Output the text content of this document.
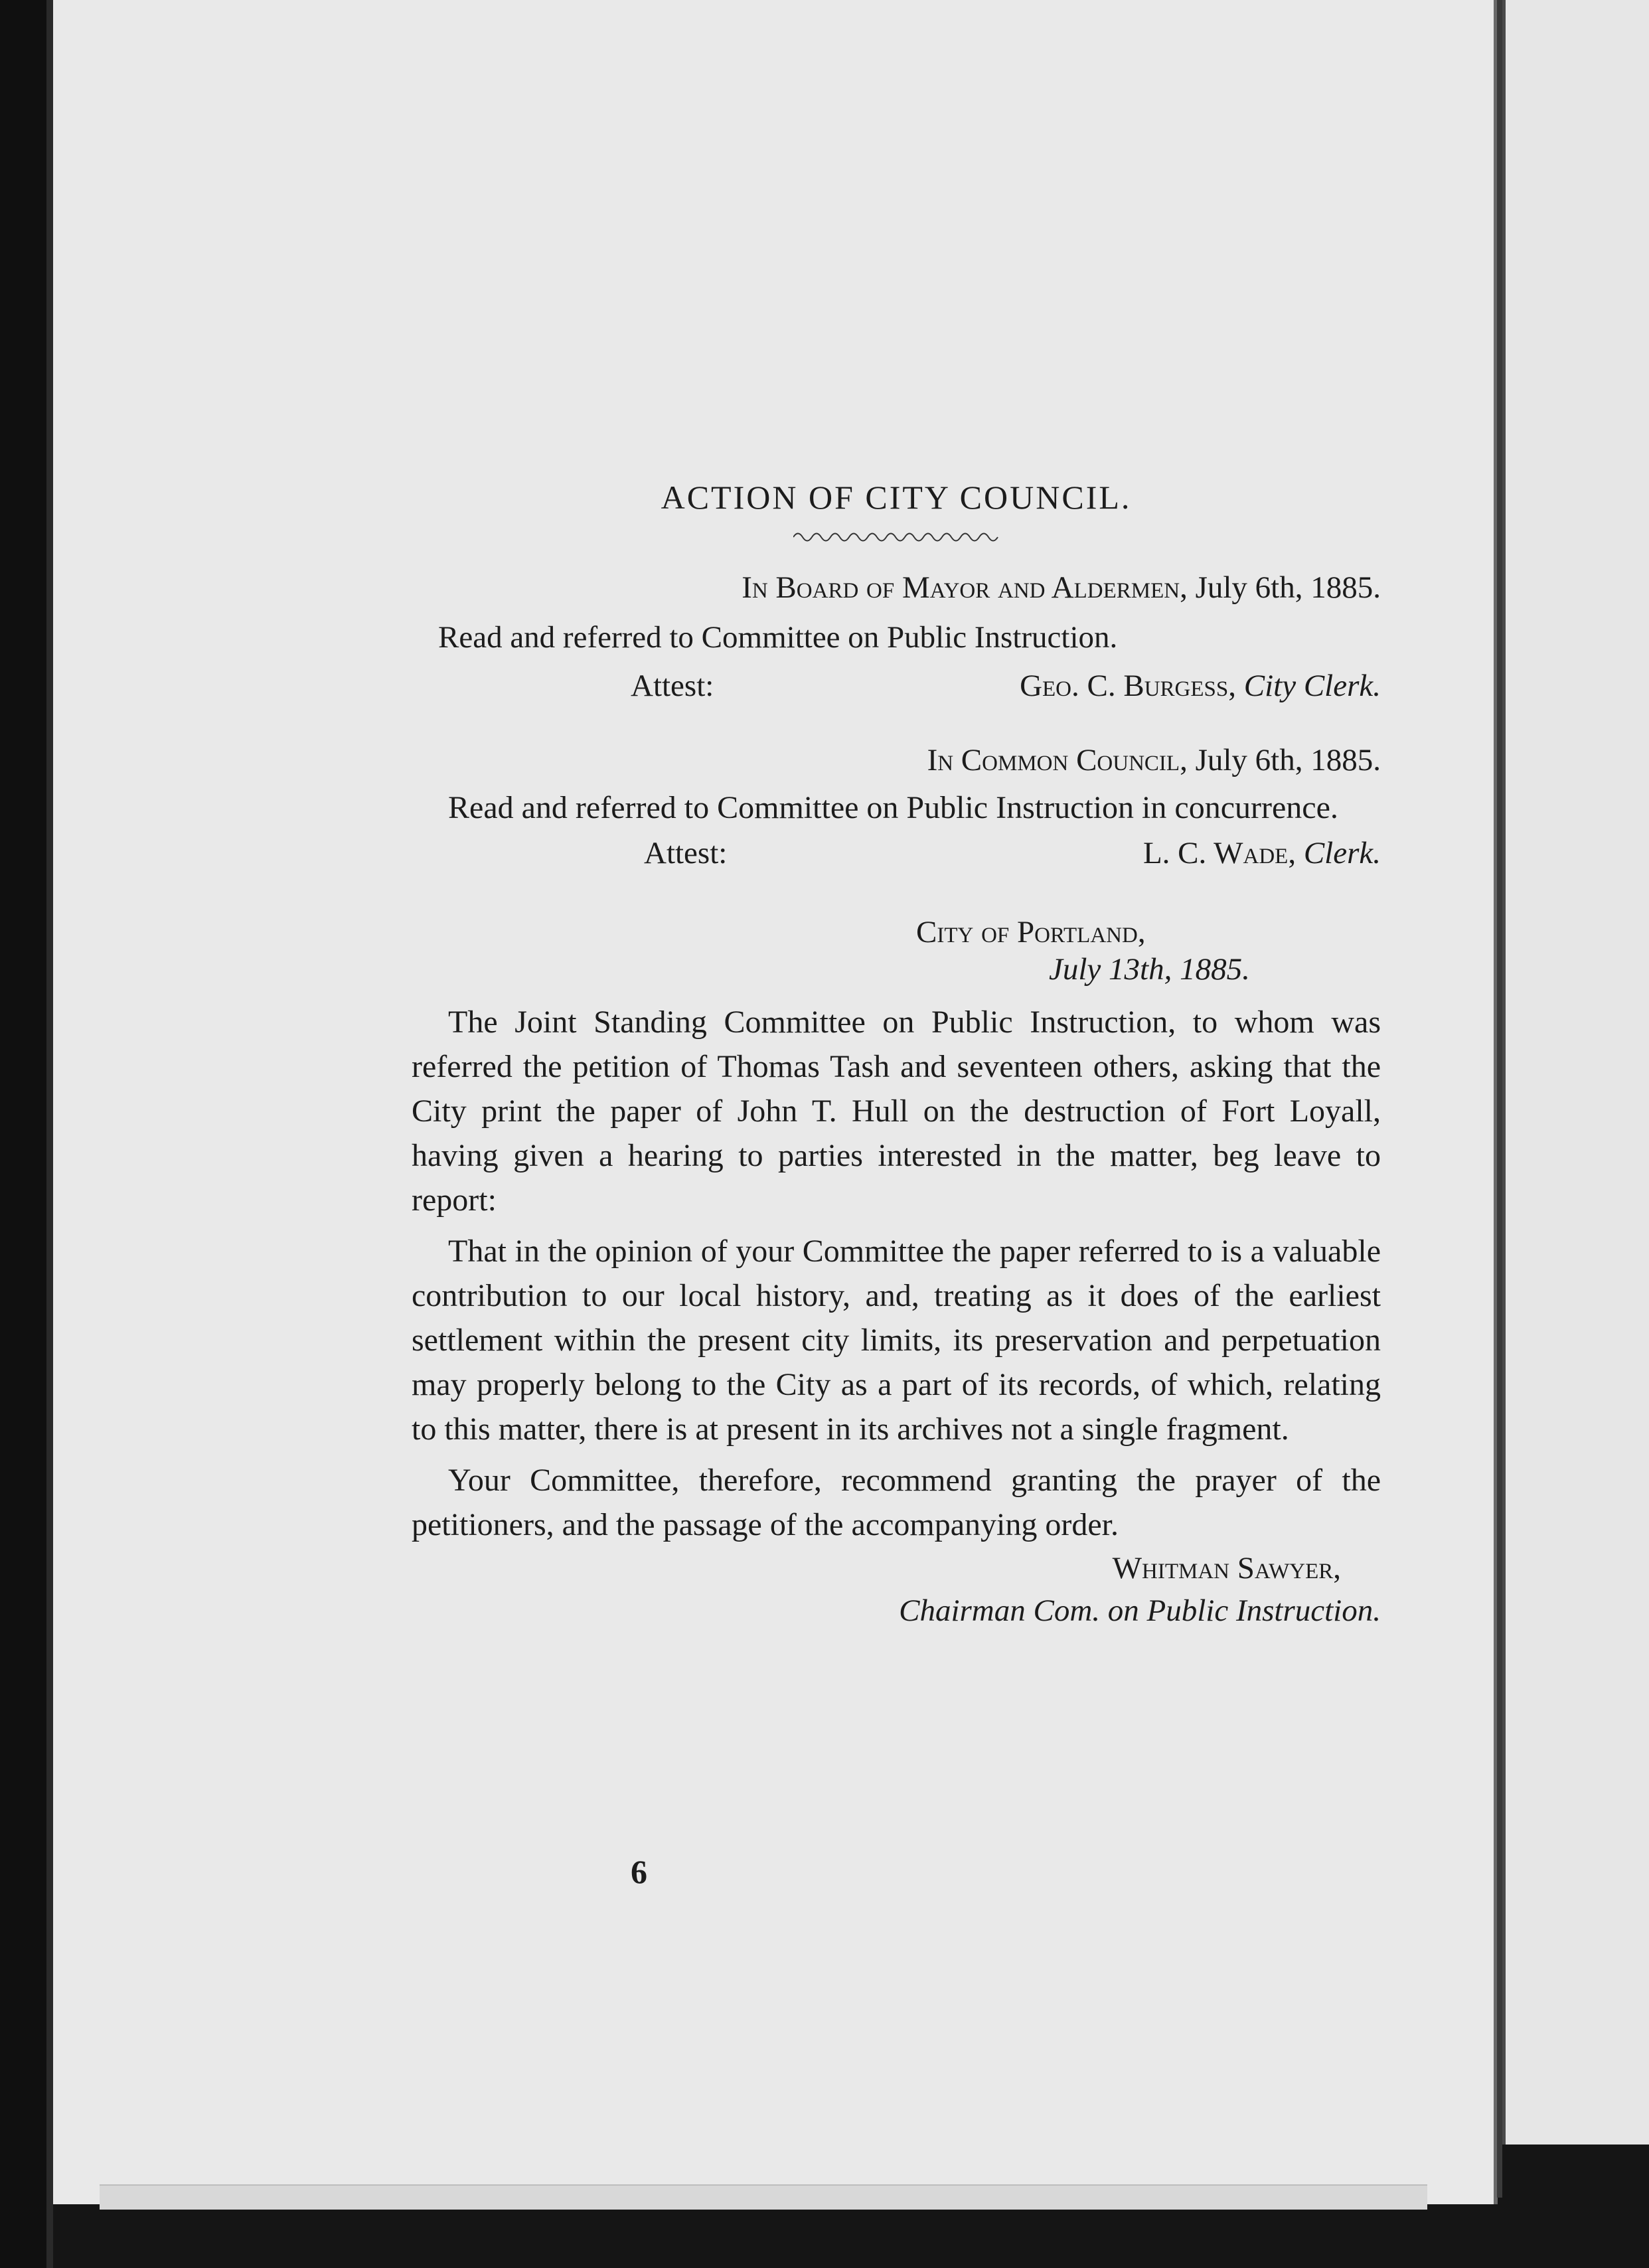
ACTION OF CITY COUNCIL.
In Board of Mayor and Aldermen, July 6th, 1885.
Read and referred to Committee on Public Instruction.
Attest:	Geo. C. Burgess, City Clerk.
In Common Council, July 6th, 1885.

Read and referred to Committee on Public Instruction in concurrence.

Attest:	L. C. Wade, Clerk.
City of Portland,
July 13th, 1885.

The Joint Standing Committee on Public Instruction, to whom was referred the petition of Thomas Tash and seventeen others, asking that the City print the paper of John T. Hull on the destruction of Fort Loyall, having given a hearing to parties interested in the matter, beg leave to report:

That in the opinion of your Committee the paper referred to is a valuable contribution to our local history, and, treating as it does of the earliest settlement within the present city limits, its preservation and perpetuation may properly belong to the City as a part of its records, of which, relating to this matter, there is at present in its archives not a single fragment.

Your Committee, therefore, recommend granting the prayer of the petitioners, and the passage of the accompanying order.

Whitman Sawyer,
Chairman Com. on Public Instruction.
6
